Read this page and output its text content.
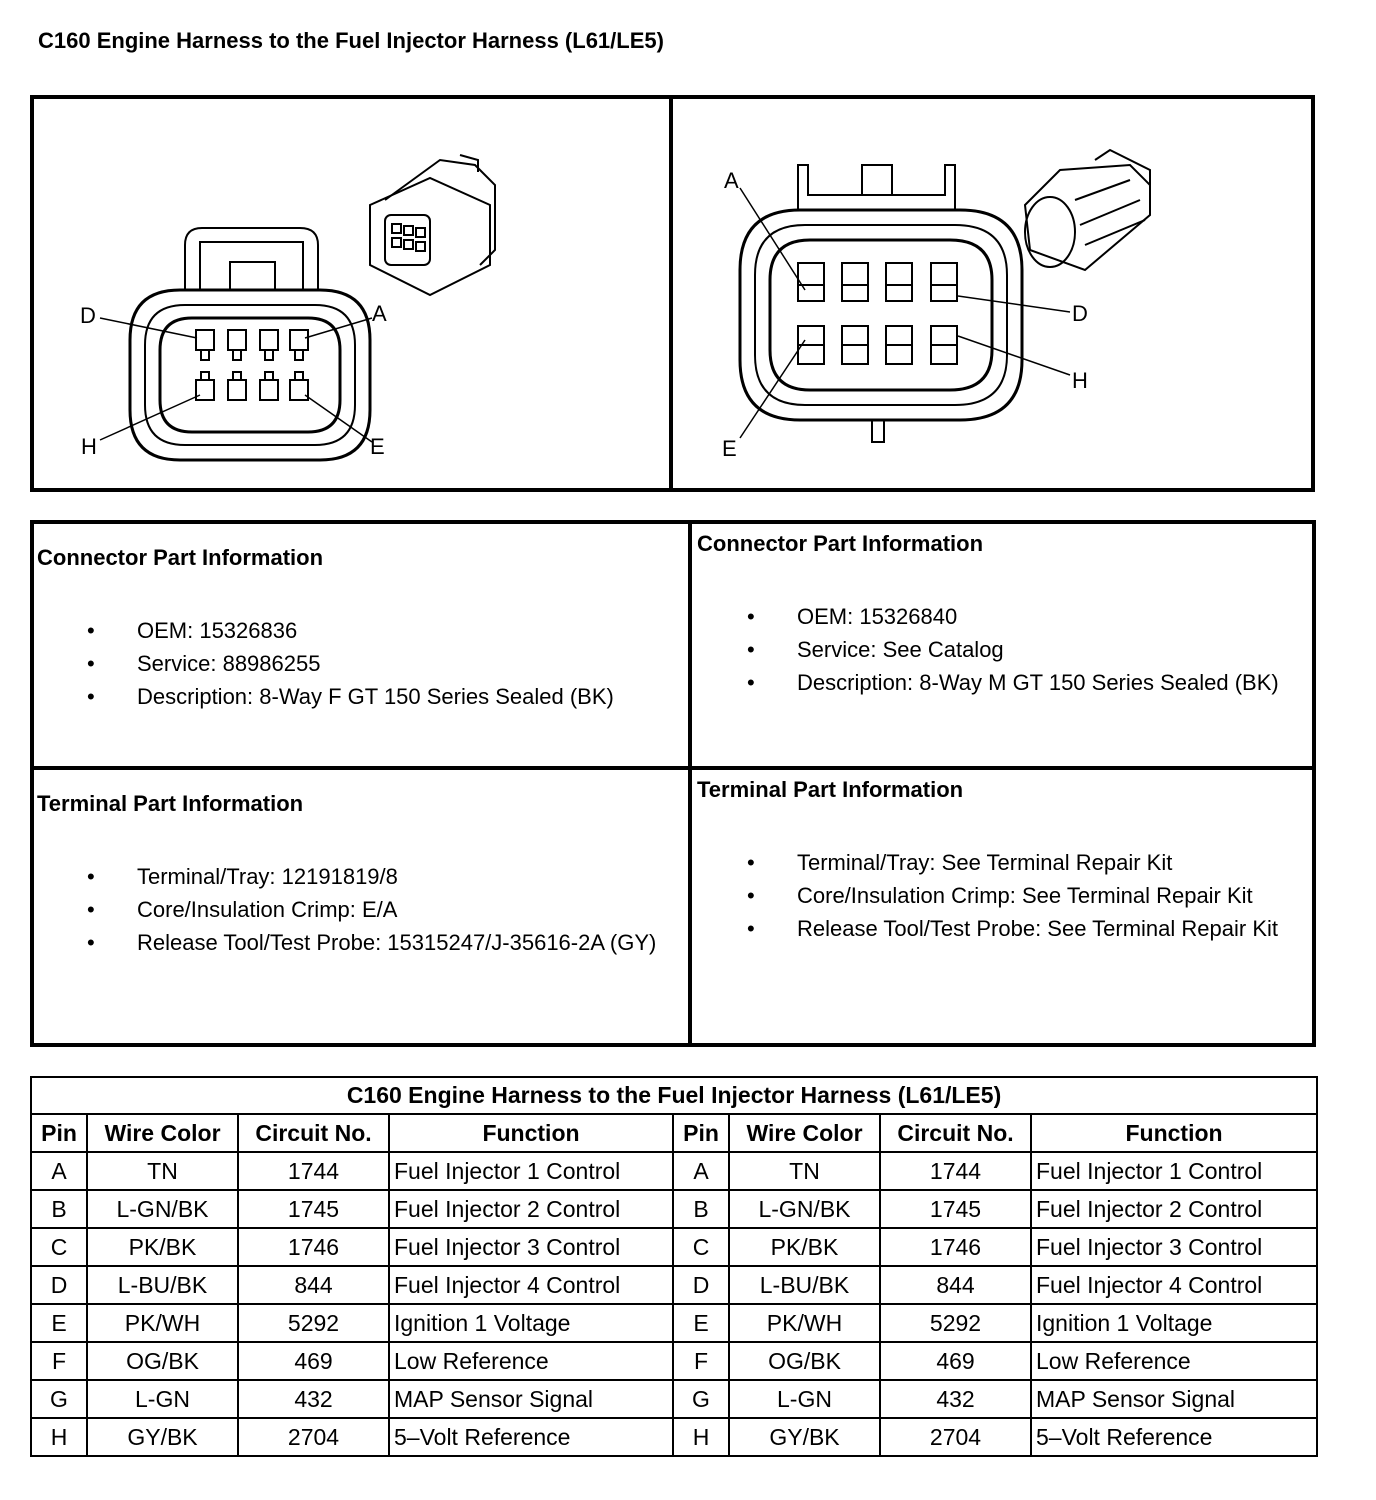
C160 Engine Harness to the Fuel Injector Harness (L61/LE5)
D	A
H	E
A
D
H
E
Connector Part Information
• OEM: 15326836
• Service: 88986255
• Description: 8-Way F GT 150 Series Sealed (BK)
Connector Part Information
• OEM: 15326840
• Service: See Catalog
• Description: 8-Way M GT 150 Series Sealed (BK)
Terminal Part Information
• Terminal/Tray: 12191819/8
• Core/Insulation Crimp: E/A
• Release Tool/Test Probe: 15315247/J-35616-2A (GY)
Terminal Part Information
• Terminal/Tray: See Terminal Repair Kit
• Core/Insulation Crimp: See Terminal Repair Kit
• Release Tool/Test Probe: See Terminal Repair Kit
C160 Engine Harness to the Fuel Injector Harness (L61/LE5)							
Pin	Wire Color	Circuit No.	Function	Pin	Wire Color	Circuit No.	Function
A	TN	1744	Fuel Injector 1 Control	A	TN	1744	Fuel Injector 1 Control
B	L-GN/BK	1745	Fuel Injector 2 Control	B	L-GN/BK	1745	Fuel Injector 2 Control
C	PK/BK	1746	Fuel Injector 3 Control	C	PK/BK	1746	Fuel Injector 3 Control
D	L-BU/BK	844	Fuel Injector 4 Control	D	L-BU/BK	844	Fuel Injector 4 Control
E	PK/WH	5292	Ignition 1 Voltage	E	PK/WH	5292	Ignition 1 Voltage
F	OG/BK	469	Low Reference	F	OG/BK	469	Low Reference
G	L-GN	432	MAP Sensor Signal	G	L-GN	432	MAP Sensor Signal
H	GY/BK	2704	5–Volt Reference	H	GY/BK	2704	5–Volt Reference
